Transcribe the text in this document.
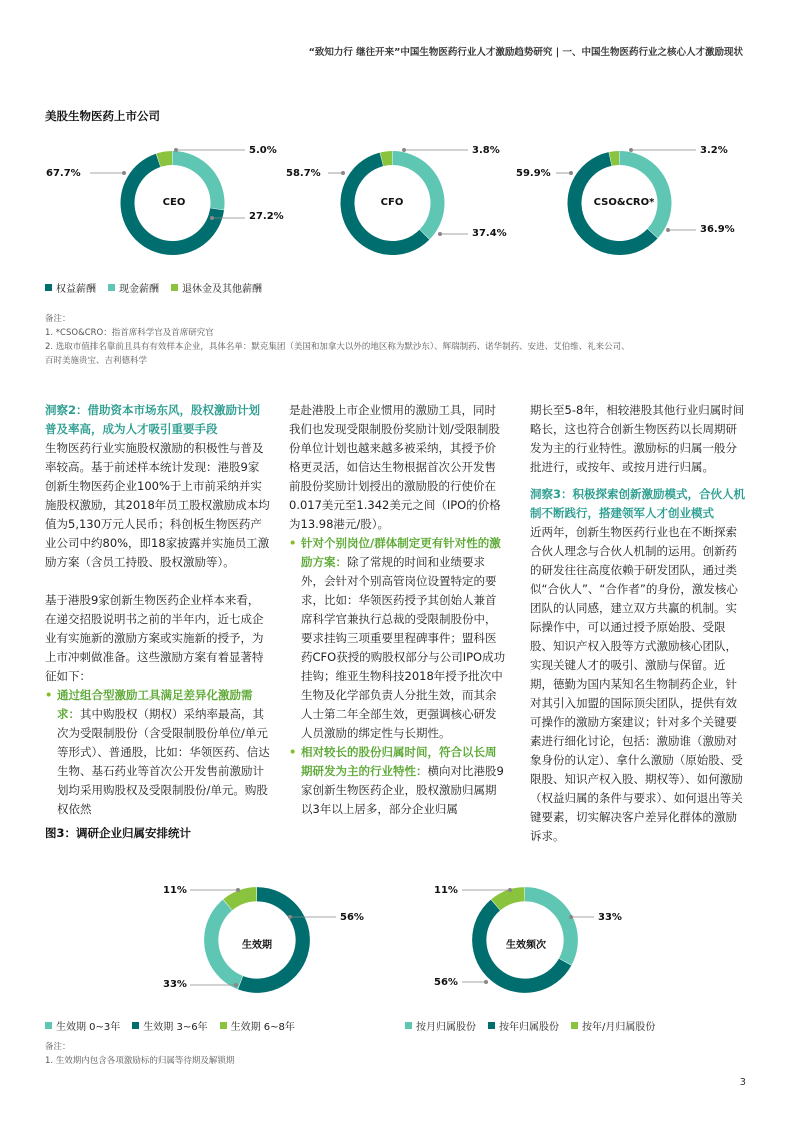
“致知力行 继往开来”中国生物医药行业人才激励趋势研究 | 一、中国生物医药行业之核心人才激励现状
美股生物医药上市公司
CEO
67.7%
27.2%
5.0%
CFO
58.7%
37.4%
3.8%
CSO&CRO*
59.9%
36.9%
3.2%
权益薪酬 现金薪酬 退休金及其他薪酬
备注：
1. *CSO&CRO：指首席科学官及首席研究官
2. 选取市值排名靠前且具有有效样本企业，具体名单：默克集团（美国和加拿大以外的地区称为默沙东）、辉瑞制药、诺华制药、安进、艾伯维、礼来公司、
百时美施贵宝、吉利德科学

洞察2：借助资本市场东风，股权激励计划普及率高，成为人才吸引重要手段

生物医药行业实施股权激励的积极性与普及率较高。基于前述样本统计发现：港股9家创新生物医药企业100%于上市前采纳并实施股权激励，其2018年员工股权激励成本均值为5,130万元人民币；科创板生物医药产业公司中约80%，即18家披露并实施员工激励方案（含员工持股、股权激励等）。

基于港股9家创新生物医药企业样本来看，在递交招股说明书之前的半年内，近七成企业有实施新的激励方案或实施新的授予，为上市冲刺做准备。这些激励方案有着显著特征如下：

• 通过组合型激励工具满足差异化激励需求：其中购股权（期权）采纳率最高，其次为受限制股份（含受限制股份单位/单元等形式）、普通股，比如：华领医药、信达生物、基石药业等首次公开发售前激励计划均采用购股权及受限制股份/单元。购股权依然

是赴港股上市企业惯用的激励工具，同时我们也发现受限制股份奖励计划/受限制股份单位计划也越来越多被采纳，其授予价格更灵活，如信达生物根据首次公开发售前股份奖励计划授出的激励股的行使价在0.017美元至1.342美元之间（IPO的价格为13.98港元/股）。

• 针对个别岗位/群体制定更有针对性的激励方案：除了常规的时间和业绩要求外，会针对个别高管岗位设置特定的要求，比如：华领医药授予其创始人兼首席科学官兼执行总裁的受限制股份中，要求挂钩三项重要里程碑事件；盟科医药CFO获授的购股权部分与公司IPO成功挂钩；维亚生物科技2018年授予批次中生物及化学部负责人分批生效，而其余人士第二年全部生效，更强调核心研发人员激励的绑定性与长期性。

• 相对较长的股份归属时间，符合以长周期研发为主的行业特性：横向对比港股9家创新生物医药企业，股权激励归属期以3年以上居多，部分企业归属

期长至5-8年，相较港股其他行业归属时间略长，这也符合创新生物医药以长周期研发为主的行业特性。激励标的归属一般分批进行，或按年、或按月进行归属。

洞察3：积极探索创新激励模式，合伙人机制不断践行，搭建领军人才创业模式

近两年，创新生物医药行业也在不断探索合伙人理念与合伙人机制的运用。创新药的研发往往高度依赖于研发团队，通过类似“合伙人”、“合作者”的身份，激发核心团队的认同感，建立双方共赢的机制。实际操作中，可以通过授予原始股、受限股、知识产权入股等方式激励核心团队，实现关键人才的吸引、激励与保留。近期，德勤为国内某知名生物制药企业，针对其引入加盟的国际顶尖团队，提供有效可操作的激励方案建议；针对多个关键要素进行细化讨论，包括：激励谁（激励对象身份的认定）、拿什么激励（原始股、受限股、知识产权入股、期权等）、如何激励（权益归属的条件与要求）、如何退出等关键要素，切实解决客户差异化群体的激励诉求。

图3：调研企业归属安排统计
生效期
33%
56%
11%
生效频次
33%
56%
11%
生效期 0~3年 生效期 3~6年 生效期 6~8年	按月归属股份 按年归属股份 按年/月归属股份
备注：
1. 生效期内包含各项激励标的归属等待期及解锁期
3
